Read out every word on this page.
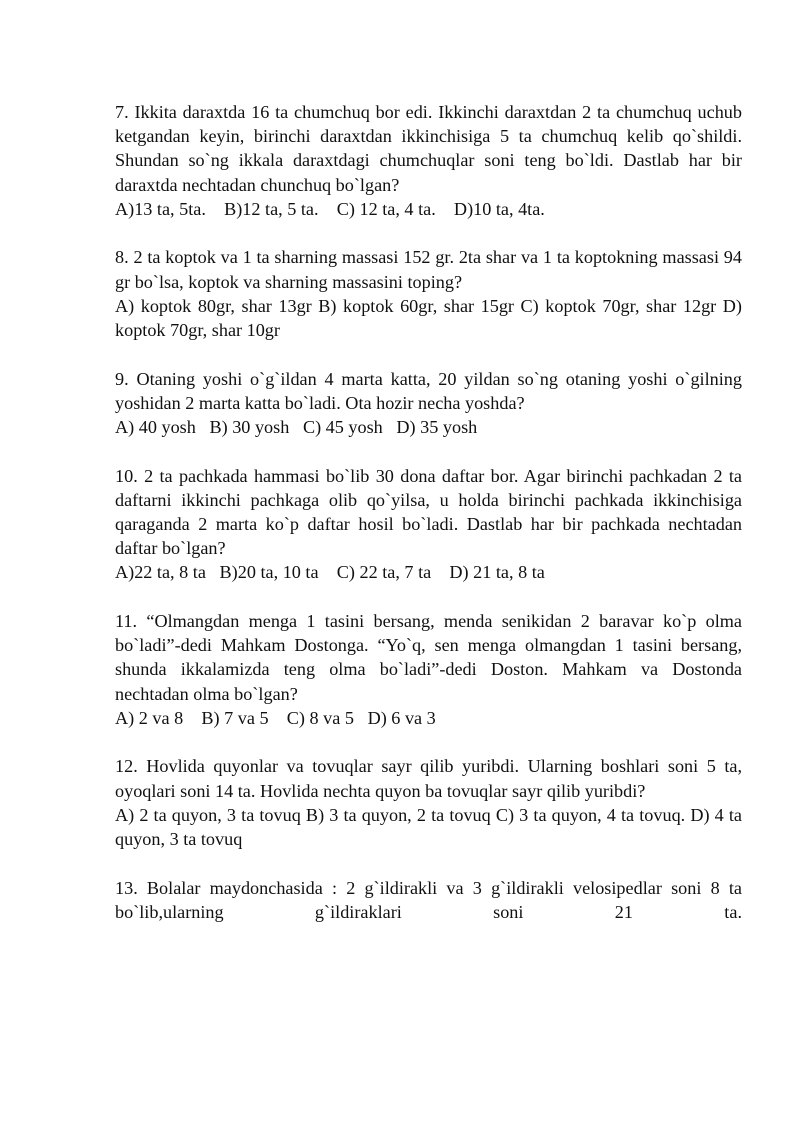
7. Ikkita daraxtda 16 ta chumchuq bor edi. Ikkinchi daraxtdan 2 ta chumchuq uchub ketgandan keyin, birinchi daraxtdan ikkinchisiga 5 ta chumchuq kelib qo`shildi. Shundan so`ng ikkala daraxtdagi chumchuqlar soni teng bo`ldi. Dastlab har bir daraxtda nechtadan chunchuq bo`lgan?

A)13 ta, 5ta.    B)12 ta, 5 ta.    C) 12 ta, 4 ta.    D)10 ta, 4ta.

8. 2 ta koptok va 1 ta sharning massasi 152 gr. 2ta shar va 1 ta koptokning massasi 94 gr bo`lsa, koptok va sharning massasini toping?

A) koptok 80gr, shar 13gr B) koptok 60gr, shar 15gr C) koptok 70gr, shar 12gr D) koptok 70gr, shar 10gr

9. Otaning yoshi o`g`ildan 4 marta katta, 20 yildan so`ng otaning yoshi o`gilning yoshidan 2 marta katta bo`ladi. Ota hozir necha yoshda?

A) 40 yosh   B) 30 yosh   C) 45 yosh   D) 35 yosh

10. 2 ta pachkada hammasi bo`lib 30 dona daftar bor. Agar birinchi pachkadan 2 ta daftarni ikkinchi pachkaga olib qo`yilsa, u holda birinchi pachkada ikkinchisiga qaraganda 2 marta ko`p daftar hosil bo`ladi. Dastlab har bir pachkada nechtadan daftar bo`lgan?

A)22 ta, 8 ta   B)20 ta, 10 ta    C) 22 ta, 7 ta    D) 21 ta, 8 ta

11. “Olmangdan menga 1 tasini bersang, menda senikidan 2 baravar ko`p olma bo`ladi”-dedi Mahkam Dostonga. “Yo`q, sen menga olmangdan 1 tasini bersang, shunda ikkalamizda teng olma bo`ladi”-dedi Doston. Mahkam va Dostonda nechtadan olma bo`lgan?

A) 2 va 8    B) 7 va 5    C) 8 va 5   D) 6 va 3

12. Hovlida quyonlar va tovuqlar sayr qilib yuribdi. Ularning boshlari soni 5 ta, oyoqlari soni 14 ta. Hovlida nechta quyon ba tovuqlar sayr qilib yuribdi?

A) 2 ta quyon, 3 ta tovuq B) 3 ta quyon, 2 ta tovuq C) 3 ta quyon, 4 ta tovuq. D) 4 ta quyon, 3 ta tovuq

13. Bolalar maydonchasida : 2 g`ildirakli va 3 g`ildirakli velosipedlar soni 8 ta bo`lib,ularning g`ildiraklari soni 21 ta.
